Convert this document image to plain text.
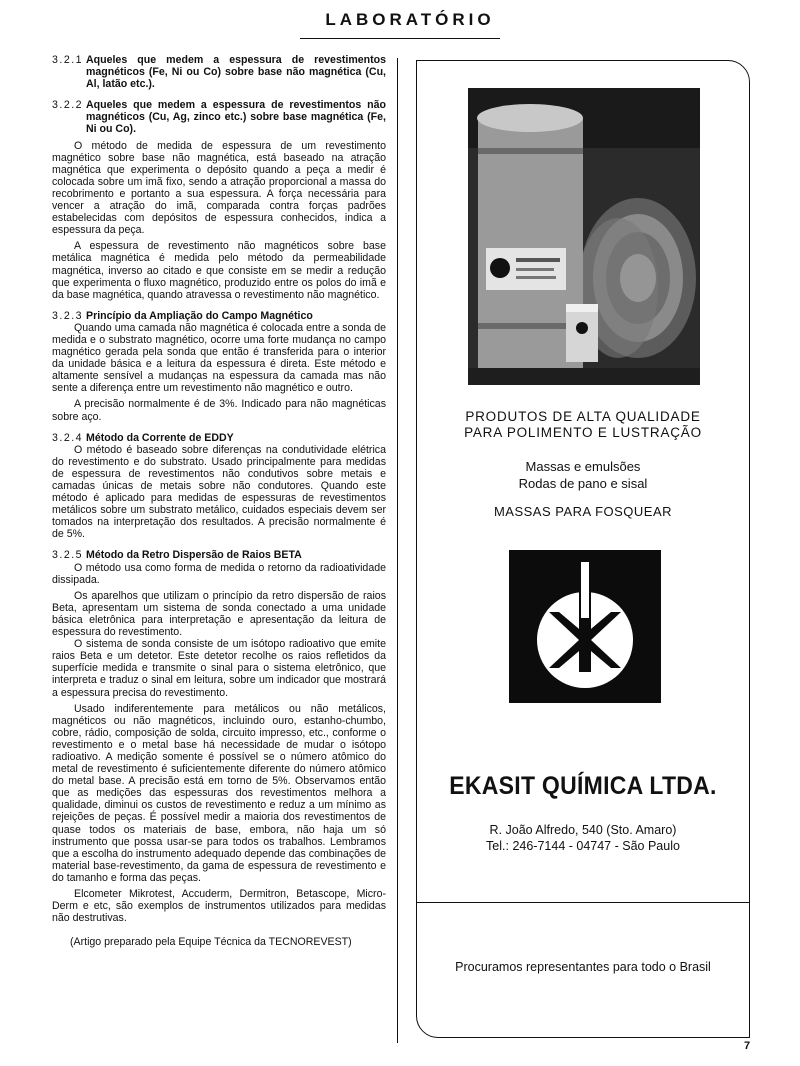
LABORATÓRIO
3.2.1 Aqueles que medem a espessura de revestimentos magnéticos (Fe, Ni ou Co) sobre base não magnética (Cu, Al, latão etc.).
3.2.2 Aqueles que medem a espessura de revestimentos não magnéticos (Cu, Ag, zinco etc.) sobre base magnética (Fe, Ni ou Co).

O método de medida de espessura de um revestimento magnético sobre base não magnética, está baseado na atração magnética que experimenta o depósito quando a peça a medir é colocada sobre um imã fixo, sendo a atração proporcional a massa do recobrimento e portanto a sua espessura. A força necessária para vencer a atração do imã, comparada contra forças padrões estabelecidas com depósitos de espessura conhecidos, indica a espessura da peça.

A espessura de revestimento não magnéticos sobre base metálica magnética é medida pelo método da permeabilidade magnética, inverso ao citado e que consiste em se medir a redução que experimenta o fluxo magnético, produzido entre os polos do imã e da base magnética, quando atravessa o revestimento não magnético.

3.2.3 Princípio da Ampliação do Campo Magnético

Quando uma camada não magnética é colocada entre a sonda de medida e o substrato magnético, ocorre uma forte mudança no campo magnético gerada pela sonda que então é transferida para o interior da unidade básica e a leitura da espessura é direta. Este método e altamente sensível a mudanças na espessura da camada mas não sente a diferença entre um revestimento não magnético e outro.

A precisão normalmente é de 3%. Indicado para não magnéticas sobre aço.

3.2.4 Método da Corrente de EDDY

O método é baseado sobre diferenças na condutividade elétrica do revestimento e do substrato. Usado principalmente para medidas de espessura de revestimentos não condutivos sobre metais e camadas únicas de metais sobre não condutores. Quando este método é aplicado para medidas de espessuras de revestimentos metálicos sobre um substrato metálico, cuidados especiais devem ser tomados na interpretação dos resultados. A precisão normalmente é de 5%.

3.2.5 Método da Retro Dispersão de Raios BETA

O método usa como forma de medida o retorno da radioatividade dissipada.

Os aparelhos que utilizam o princípio da retro dispersão de raios Beta, apresentam um sistema de sonda conectado a uma unidade básica eletrônica para interpretação e apresentação da leitura de espessura do revestimento.

O sistema de sonda consiste de um isótopo radioativo que emite raios Beta e um detetor. Este detetor recolhe os raios refletidos da superfície medida e transmite o sinal para o sistema eletrônico, que interpreta e traduz o sinal em leitura, sobre um indicador que mostrará a espessura precisa do revestimento.

Usado indiferentemente para metálicos ou não metálicos, magnéticos ou não magnéticos, incluindo ouro, estanho-chumbo, cobre, rádio, composição de solda, circuito impresso, etc., conforme o revestimento e o metal base há necessidade de mudar o isótopo radioativo. A medição somente é possível se o número atômico do metal de revestimento é suficientemente diferente do número atômico do metal base. A precisão está em torno de 5%. Observamos então que as medições das espessuras dos revestimentos melhora a qualidade, diminui os custos de revestimento e reduz a um mínimo as rejeições de peças. É possível medir a maioria dos revestimentos de quase todos os materiais de base, embora, não haja um só instrumento que possa usar-se para todos os trabalhos. Lembramos que a escolha do instrumento adequado depende das combinações de material base-revestimento, da gama de espessura de revestimento e do tamanho e forma das peças.

Elcometer Mikrotest, Accuderm, Dermitron, Betascope, Micro-Derm e etc, são exemplos de instrumentos utilizados para medidas não destrutivas.

(Artigo preparado pela Equipe Técnica da TECNOREVEST)

PRODUTOS DE ALTA QUALIDADE
PARA POLIMENTO E LUSTRAÇÃO
Massas e emulsões
Rodas de pano e sisal
MASSAS PARA FOSQUEAR
EKASIT QUÍMICA LTDA.
R. João Alfredo, 540 (Sto. Amaro)
Tel.: 246-7144 - 04747 - São Paulo
Procuramos representantes para todo o Brasil
7
